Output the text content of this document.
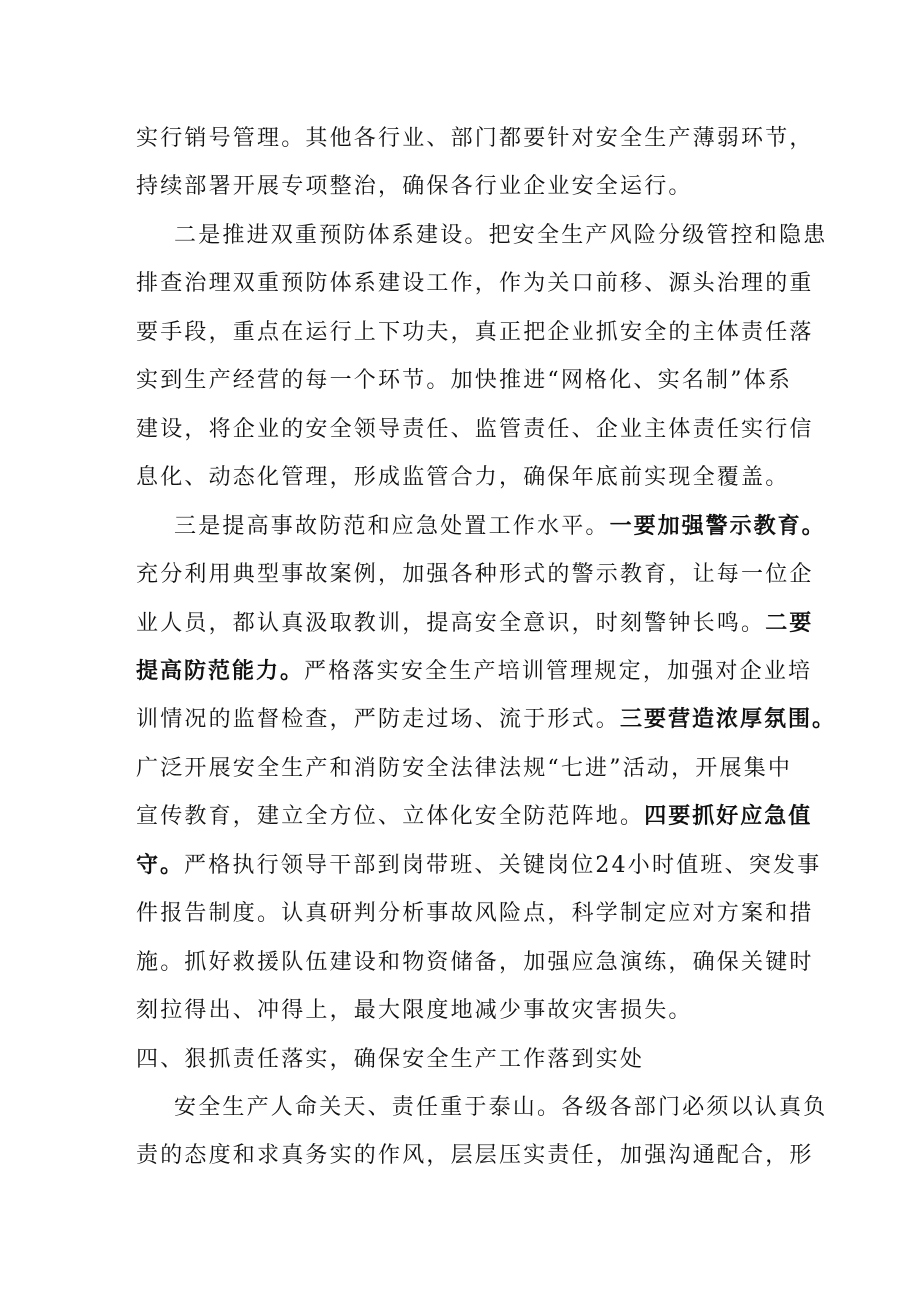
实行销号管理。其他各行业、部门都要针对安全生产薄弱环节，
持续部署开展专项整治，确保各行业企业安全运行。
二是推进双重预防体系建设。把安全生产风险分级管控和隐患
排查治理双重预防体系建设工作，作为关口前移、源头治理的重
要手段，重点在运行上下功夫，真正把企业抓安全的主体责任落
实到生产经营的每一个环节。加快推进“网格化、实名制”体系
建设，将企业的安全领导责任、监管责任、企业主体责任实行信
息化、动态化管理，形成监管合力，确保年底前实现全覆盖。
三是提高事故防范和应急处置工作水平。一要加强警示教育。
充分利用典型事故案例，加强各种形式的警示教育，让每一位企
业人员，都认真汲取教训，提高安全意识，时刻警钟长鸣。二要
提高防范能力。严格落实安全生产培训管理规定，加强对企业培
训情况的监督检查，严防走过场、流于形式。三要营造浓厚氛围。
广泛开展安全生产和消防安全法律法规“七进”活动，开展集中
宣传教育，建立全方位、立体化安全防范阵地。四要抓好应急值
守。严格执行领导干部到岗带班、关键岗位24小时值班、突发事
件报告制度。认真研判分析事故风险点，科学制定应对方案和措
施。抓好救援队伍建设和物资储备，加强应急演练，确保关键时
刻拉得出、冲得上，最大限度地减少事故灾害损失。
四、狠抓责任落实，确保安全生产工作落到实处
安全生产人命关天、责任重于泰山。各级各部门必须以认真负
责的态度和求真务实的作风，层层压实责任，加强沟通配合，形
